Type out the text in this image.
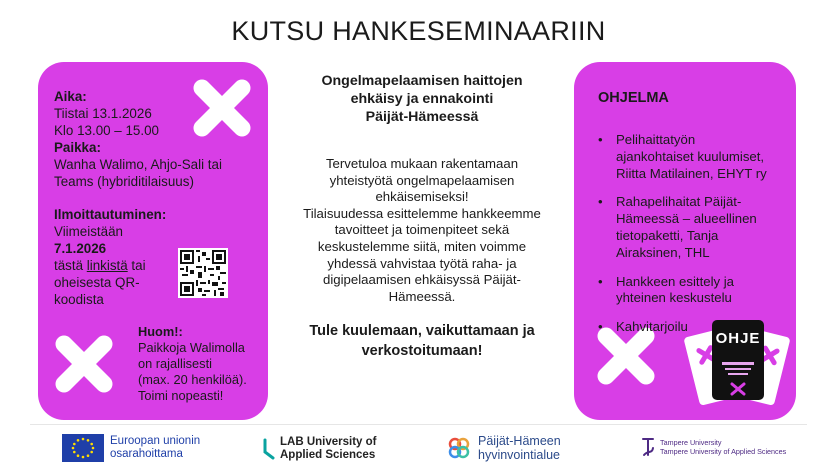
KUTSU HANKESEMINAARIIN
Aika:
Tiistai 13.1.2026
Klo 13.00 – 15.00
Paikka:
Wanha Walimo, Ahjo-Sali tai
Teams (hybriditilaisuus)
Ilmoittautuminen:
Viimeistään
7.1.2026
tästä linkistä tai
oheisesta QR-
koodista
Huom!:
Paikkoja Walimolla
on rajallisesti
(max. 20 henkilöä).
Toimi nopeasti!
Ongelmapelaamisen haittojen
ehkäisy ja ennakointi
Päijät-Hämeessä
Tervetuloa mukaan rakentamaan
yhteistyötä ongelmapelaamisen
ehkäisemiseksi!
Tilaisuudessa esittelemme hankkeemme
tavoitteet ja toimenpiteet sekä
keskustelemme siitä, miten voimme
yhdessä vahvistaa työtä raha- ja
digipelaamisen ehkäisyssä Päijät-
Hämeessä.
Tule kuulemaan, vaikuttamaan ja
verkostoitumaan!
OHJELMA
• Pelihaittatyön
ajankohtaiset kuulumiset,
Riitta Matilainen, EHYT ry
• Rahapelihaitat Päijät-
Hämeessä – alueellinen
tietopaketti, Tanja
Airaksinen, THL
• Hankkeen esittely ja
yhteinen keskustelu
• Kahvitarjoilu
OHJE
Euroopan unionin
osarahoittama
LAB University of
Applied Sciences
Päijät-Hämeen
hyvinvointialue
Tampere University
Tampere University of Applied Sciences
